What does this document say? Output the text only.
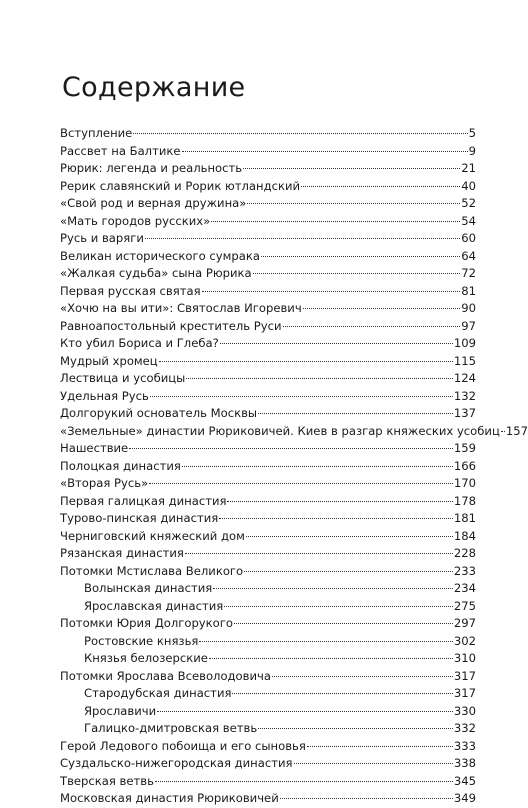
Содержание
Вступление	5
Рассвет на Балтике	9
Рюрик: легенда и реальность	21
Рерик славянский и Рорик ютландский	40
«Свой род и верная дружина»	52
«Мать городов русских»	54
Русь и варяги	60
Великан исторического сумрака	64
«Жалкая судьба» сына Рюрика	72
Первая русская святая	81
«Хочю на вы ити»: Святослав Игоревич	90
Равноапостольный креститель Руси	97
Кто убил Бориса и Глеба?	109
Мудрый хромец	115
Лествица и усобицы	124
Удельная Русь	132
Долгорукий основатель Москвы	137
«Земельные» династии Рюриковичей. Киев в разгар княжеских усобиц 157
Нашествие	159
Полоцкая династия	166
«Вторая Русь»	170
Первая галицкая династия	178
Турово-пинская династия	181
Черниговский княжеский дом	184
Рязанская династия	228
Потомки Мстислава Великого	233
Волынская династия	234
Ярославская династия	275
Потомки Юрия Долгорукого	297
Ростовские князья	302
Князья белозерские	310
Потомки Ярослава Всеволодовича	317
Стародубская династия	317
Ярославичи	330
Галицко-дмитровская ветвь	332
Герой Ледового побоища и его сыновья	333
Суздальско-нижегородская династия	338
Тверская ветвь	345
Московская династия Рюриковичей	349
